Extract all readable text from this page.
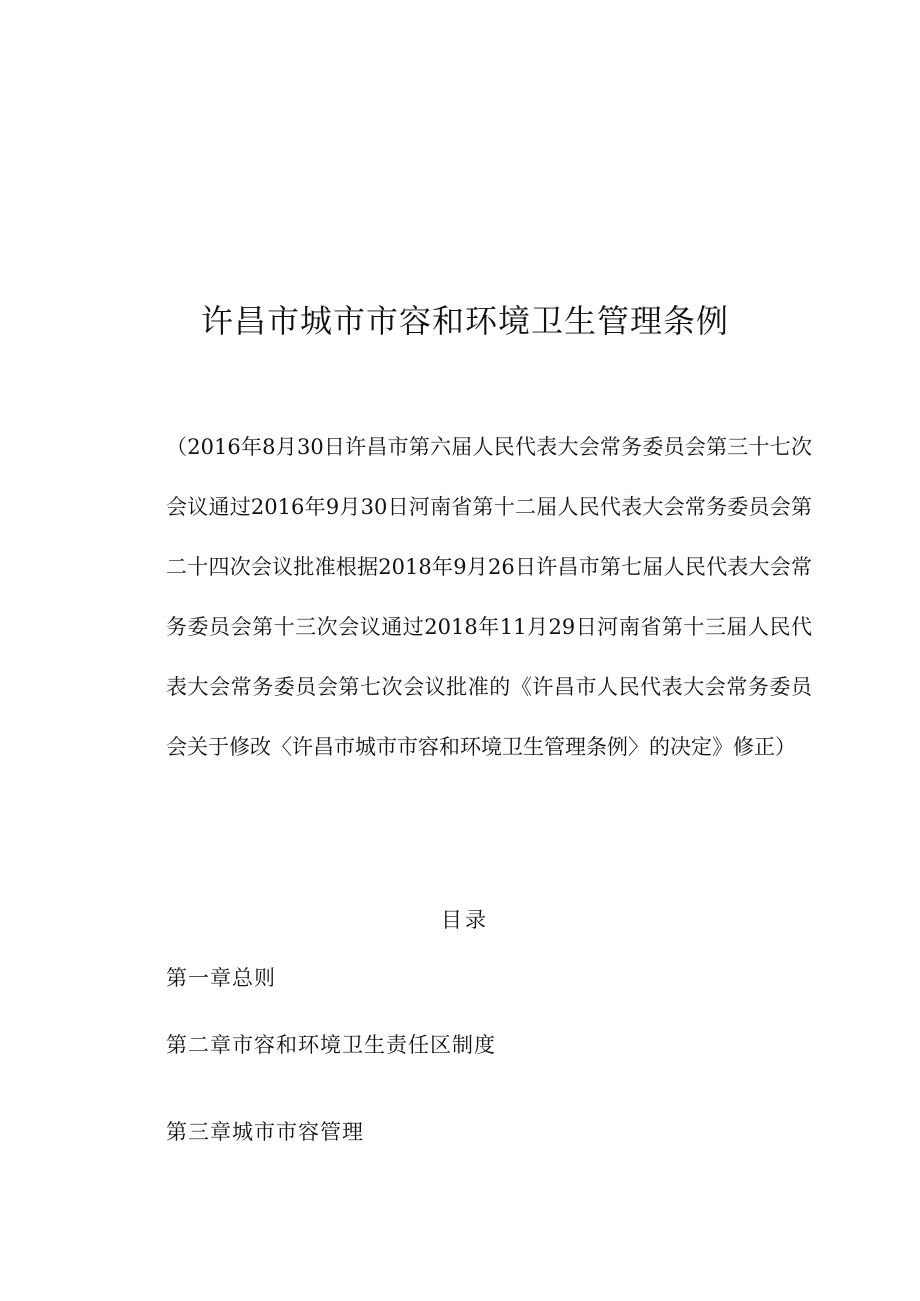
许昌市城市市容和环境卫生管理条例

（2016年8月30日许昌市第六届人民代表大会常务委员会第三十七次会议通过2016年9月30日河南省第十二届人民代表大会常务委员会第二十四次会议批准根据2018年9月26日许昌市第七届人民代表大会常务委员会第十三次会议通过2018年11月29日河南省第十三届人民代表大会常务委员会第七次会议批准的《许昌市人民代表大会常务委员会关于修改〈许昌市城市市容和环境卫生管理条例〉的决定》修正）

目录

第一章总则

第二章市容和环境卫生责任区制度

第三章城市市容管理
